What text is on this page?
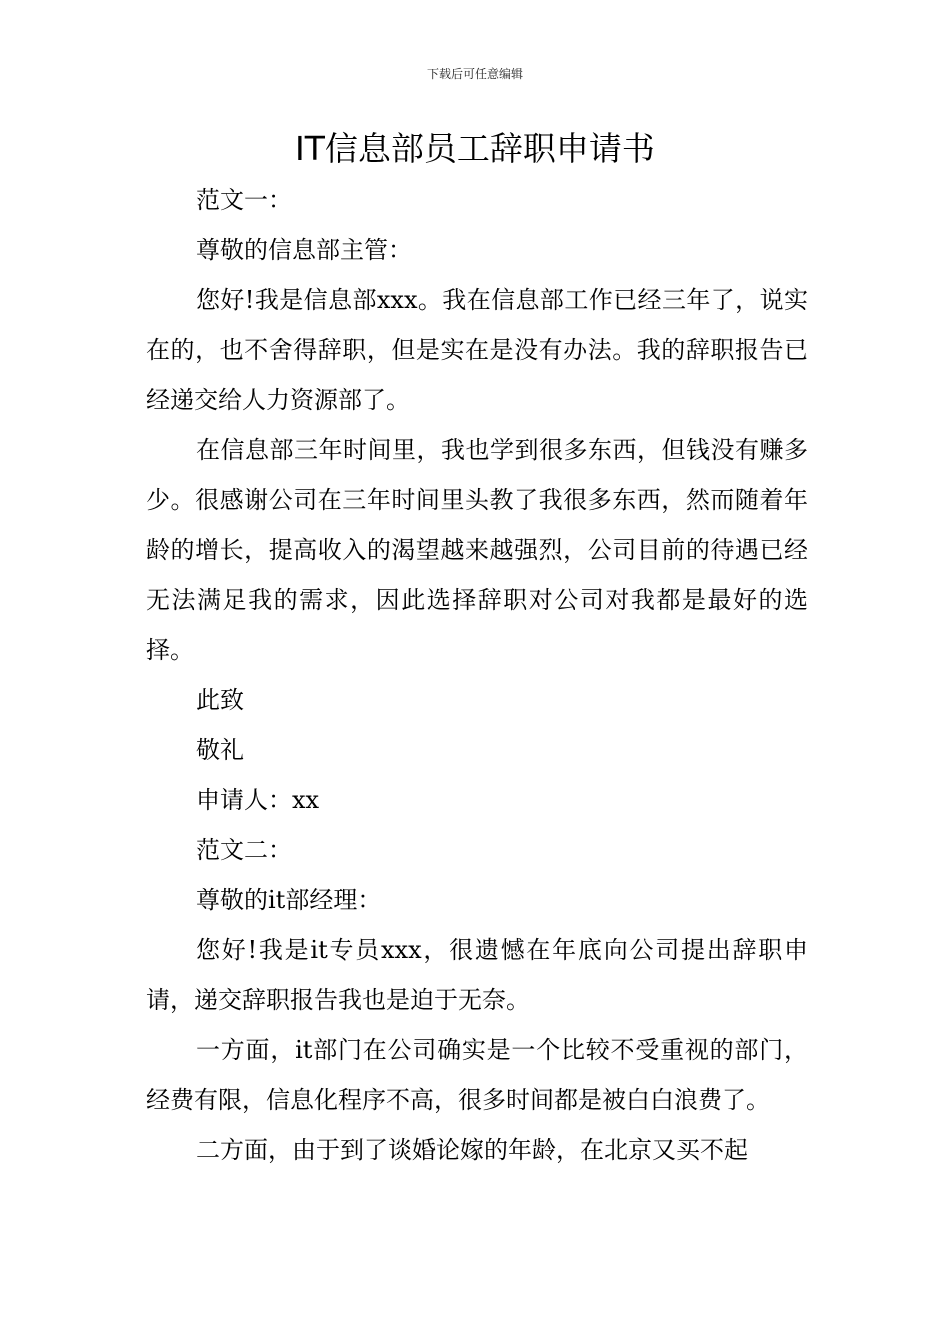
下载后可任意编辑
IT信息部员工辞职申请书

范文一：

尊敬的信息部主管：

您好!我是信息部xxx。我在信息部工作已经三年了，说实在的，也不舍得辞职，但是实在是没有办法。我的辞职报告已经递交给人力资源部了。

在信息部三年时间里，我也学到很多东西，但钱没有赚多少。很感谢公司在三年时间里头教了我很多东西，然而随着年龄的增长，提高收入的渴望越来越强烈，公司目前的待遇已经无法满足我的需求，因此选择辞职对公司对我都是最好的选择。

此致

敬礼

申请人：xx

范文二：

尊敬的it部经理：

您好!我是it专员xxx，很遗憾在年底向公司提出辞职申请，递交辞职报告我也是迫于无奈。

一方面，it部门在公司确实是一个比较不受重视的部门，经费有限，信息化程序不高，很多时间都是被白白浪费了。

二方面，由于到了谈婚论嫁的年龄，在北京又买不起
